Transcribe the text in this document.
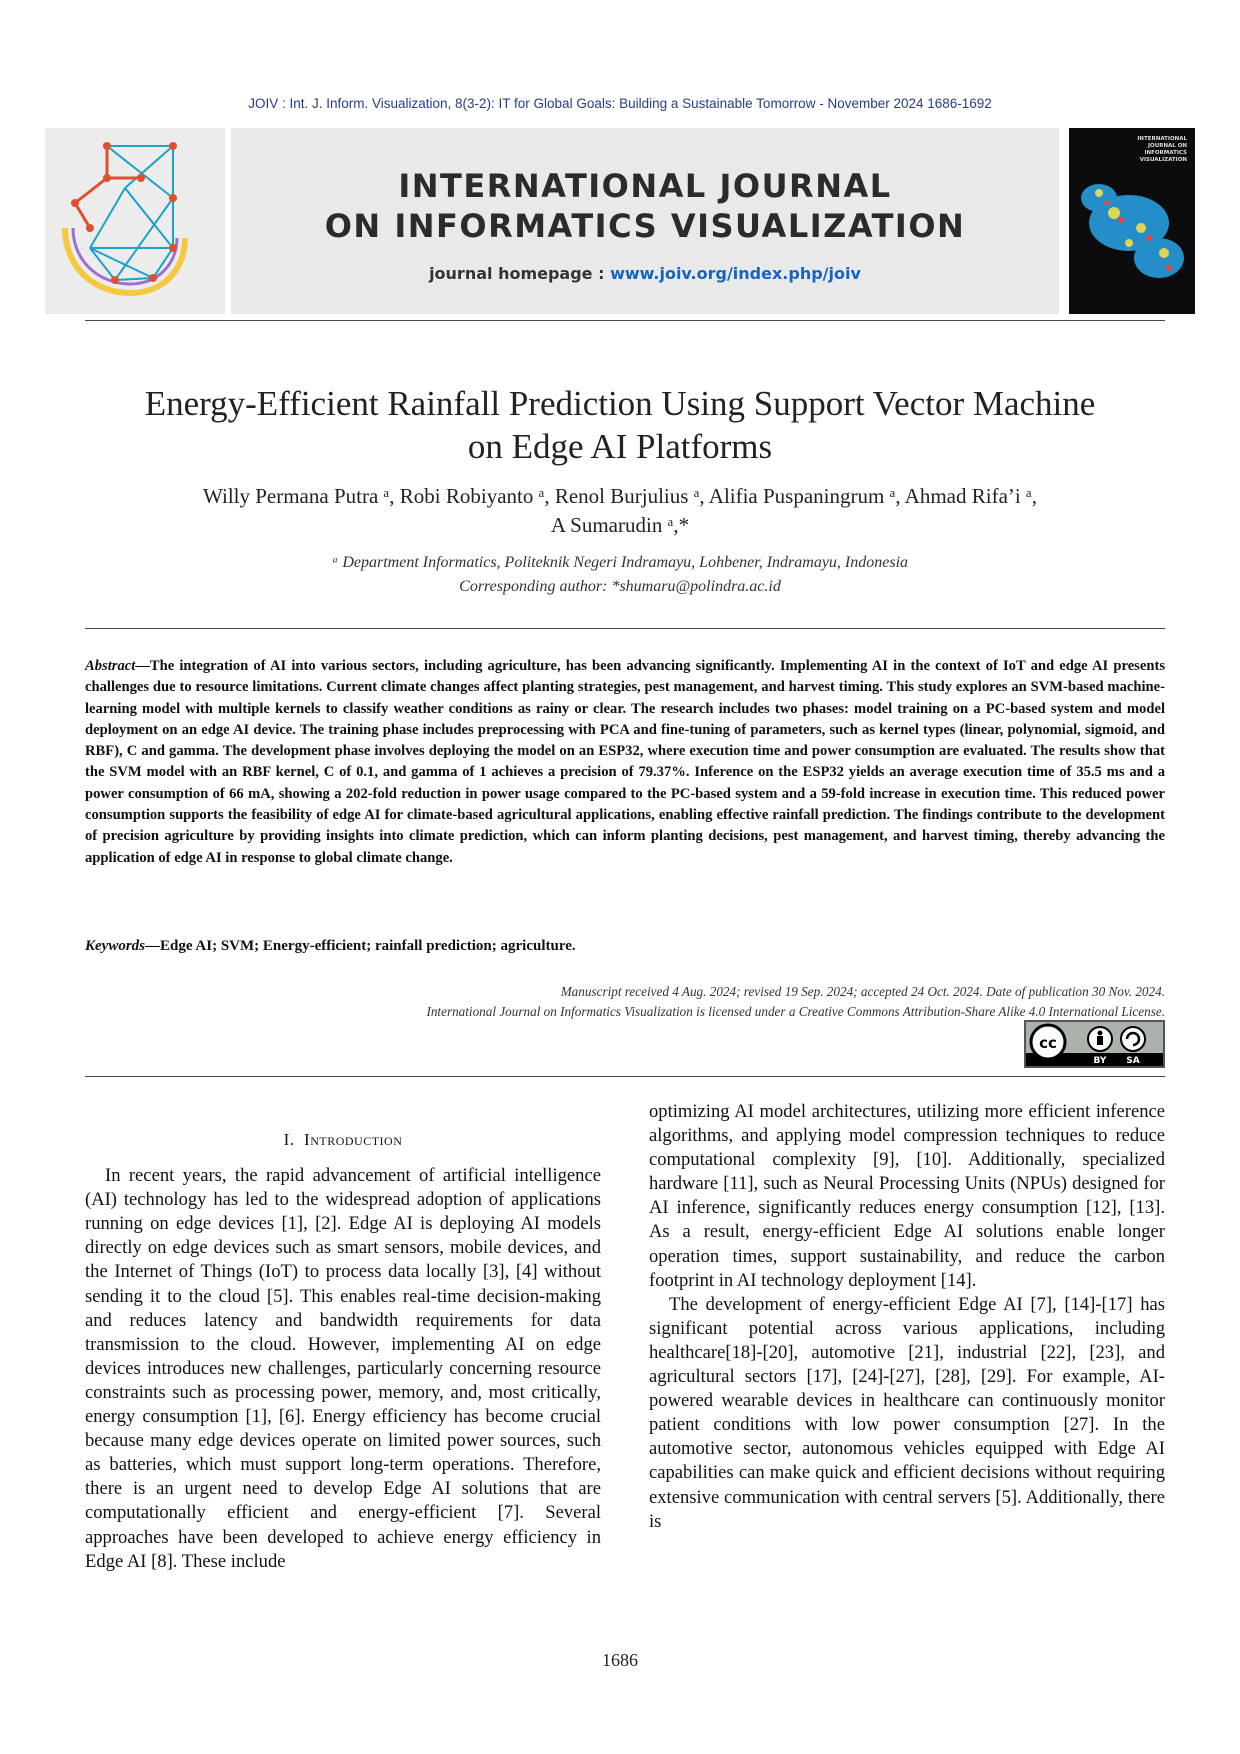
JOIV : Int. J. Inform. Visualization, 8(3-2): IT for Global Goals: Building a Sustainable Tomorrow - November 2024 1686-1692
INTERNATIONAL JOURNAL
ON INFORMATICS VISUALIZATION
journal homepage : www.joiv.org/index.php/joiv
INTERNATIONAL JOURNAL ON INFORMATICS VISUALIZATION
Energy-Efficient Rainfall Prediction Using Support Vector Machine
on Edge AI Platforms
Willy Permana Putra ᵃ, Robi Robiyanto ᵃ, Renol Burjulius ᵃ, Alifia Puspaningrum ᵃ, Ahmad Rifa’i ᵃ,
A Sumarudin ᵃ,*
ᵃ Department Informatics, Politeknik Negeri Indramayu, Lohbener, Indramayu, Indonesia
Corresponding author: *shumaru@polindra.ac.id
Abstract—The integration of AI into various sectors, including agriculture, has been advancing significantly. Implementing AI in the context of IoT and edge AI presents challenges due to resource limitations. Current climate changes affect planting strategies, pest management, and harvest timing. This study explores an SVM-based machine-learning model with multiple kernels to classify weather conditions as rainy or clear. The research includes two phases: model training on a PC-based system and model deployment on an edge AI device. The training phase includes preprocessing with PCA and fine-tuning of parameters, such as kernel types (linear, polynomial, sigmoid, and RBF), C and gamma. The development phase involves deploying the model on an ESP32, where execution time and power consumption are evaluated. The results show that the SVM model with an RBF kernel, C of 0.1, and gamma of 1 achieves a precision of 79.37%. Inference on the ESP32 yields an average execution time of 35.5 ms and a power consumption of 66 mA, showing a 202-fold reduction in power usage compared to the PC-based system and a 59-fold increase in execution time. This reduced power consumption supports the feasibility of edge AI for climate-based agricultural applications, enabling effective rainfall prediction. The findings contribute to the development of precision agriculture by providing insights into climate prediction, which can inform planting decisions, pest management, and harvest timing, thereby advancing the application of edge AI in response to global climate change.
Keywords—Edge AI; SVM; Energy-efficient; rainfall prediction; agriculture.
Manuscript received 4 Aug. 2024; revised 19 Sep. 2024; accepted 24 Oct. 2024. Date of publication 30 Nov. 2024.
International Journal on Informatics Visualization is licensed under a Creative Commons Attribution-Share Alike 4.0 International License.
cc
BY SA
I. Introduction

In recent years, the rapid advancement of artificial intelligence (AI) technology has led to the widespread adoption of applications running on edge devices [1], [2]. Edge AI is deploying AI models directly on edge devices such as smart sensors, mobile devices, and the Internet of Things (IoT) to process data locally [3], [4] without sending it to the cloud [5]. This enables real-time decision-making and reduces latency and bandwidth requirements for data transmission to the cloud. However, implementing AI on edge devices introduces new challenges, particularly concerning resource constraints such as processing power, memory, and, most critically, energy consumption [1], [6]. Energy efficiency has become crucial because many edge devices operate on limited power sources, such as batteries, which must support long-term operations. Therefore, there is an urgent need to develop Edge AI solutions that are computationally efficient and energy-efficient [7]. Several approaches have been developed to achieve energy efficiency in Edge AI [8]. These include

optimizing AI model architectures, utilizing more efficient inference algorithms, and applying model compression techniques to reduce computational complexity [9], [10]. Additionally, specialized hardware [11], such as Neural Processing Units (NPUs) designed for AI inference, significantly reduces energy consumption [12], [13]. As a result, energy-efficient Edge AI solutions enable longer operation times, support sustainability, and reduce the carbon footprint in AI technology deployment [14].

The development of energy-efficient Edge AI [7], [14]-[17] has significant potential across various applications, including healthcare[18]-[20], automotive [21], industrial [22], [23], and agricultural sectors [17], [24]-[27], [28], [29]. For example, AI-powered wearable devices in healthcare can continuously monitor patient conditions with low power consumption [27]. In the automotive sector, autonomous vehicles equipped with Edge AI capabilities can make quick and efficient decisions without requiring extensive communication with central servers [5]. Additionally, there is

1686
